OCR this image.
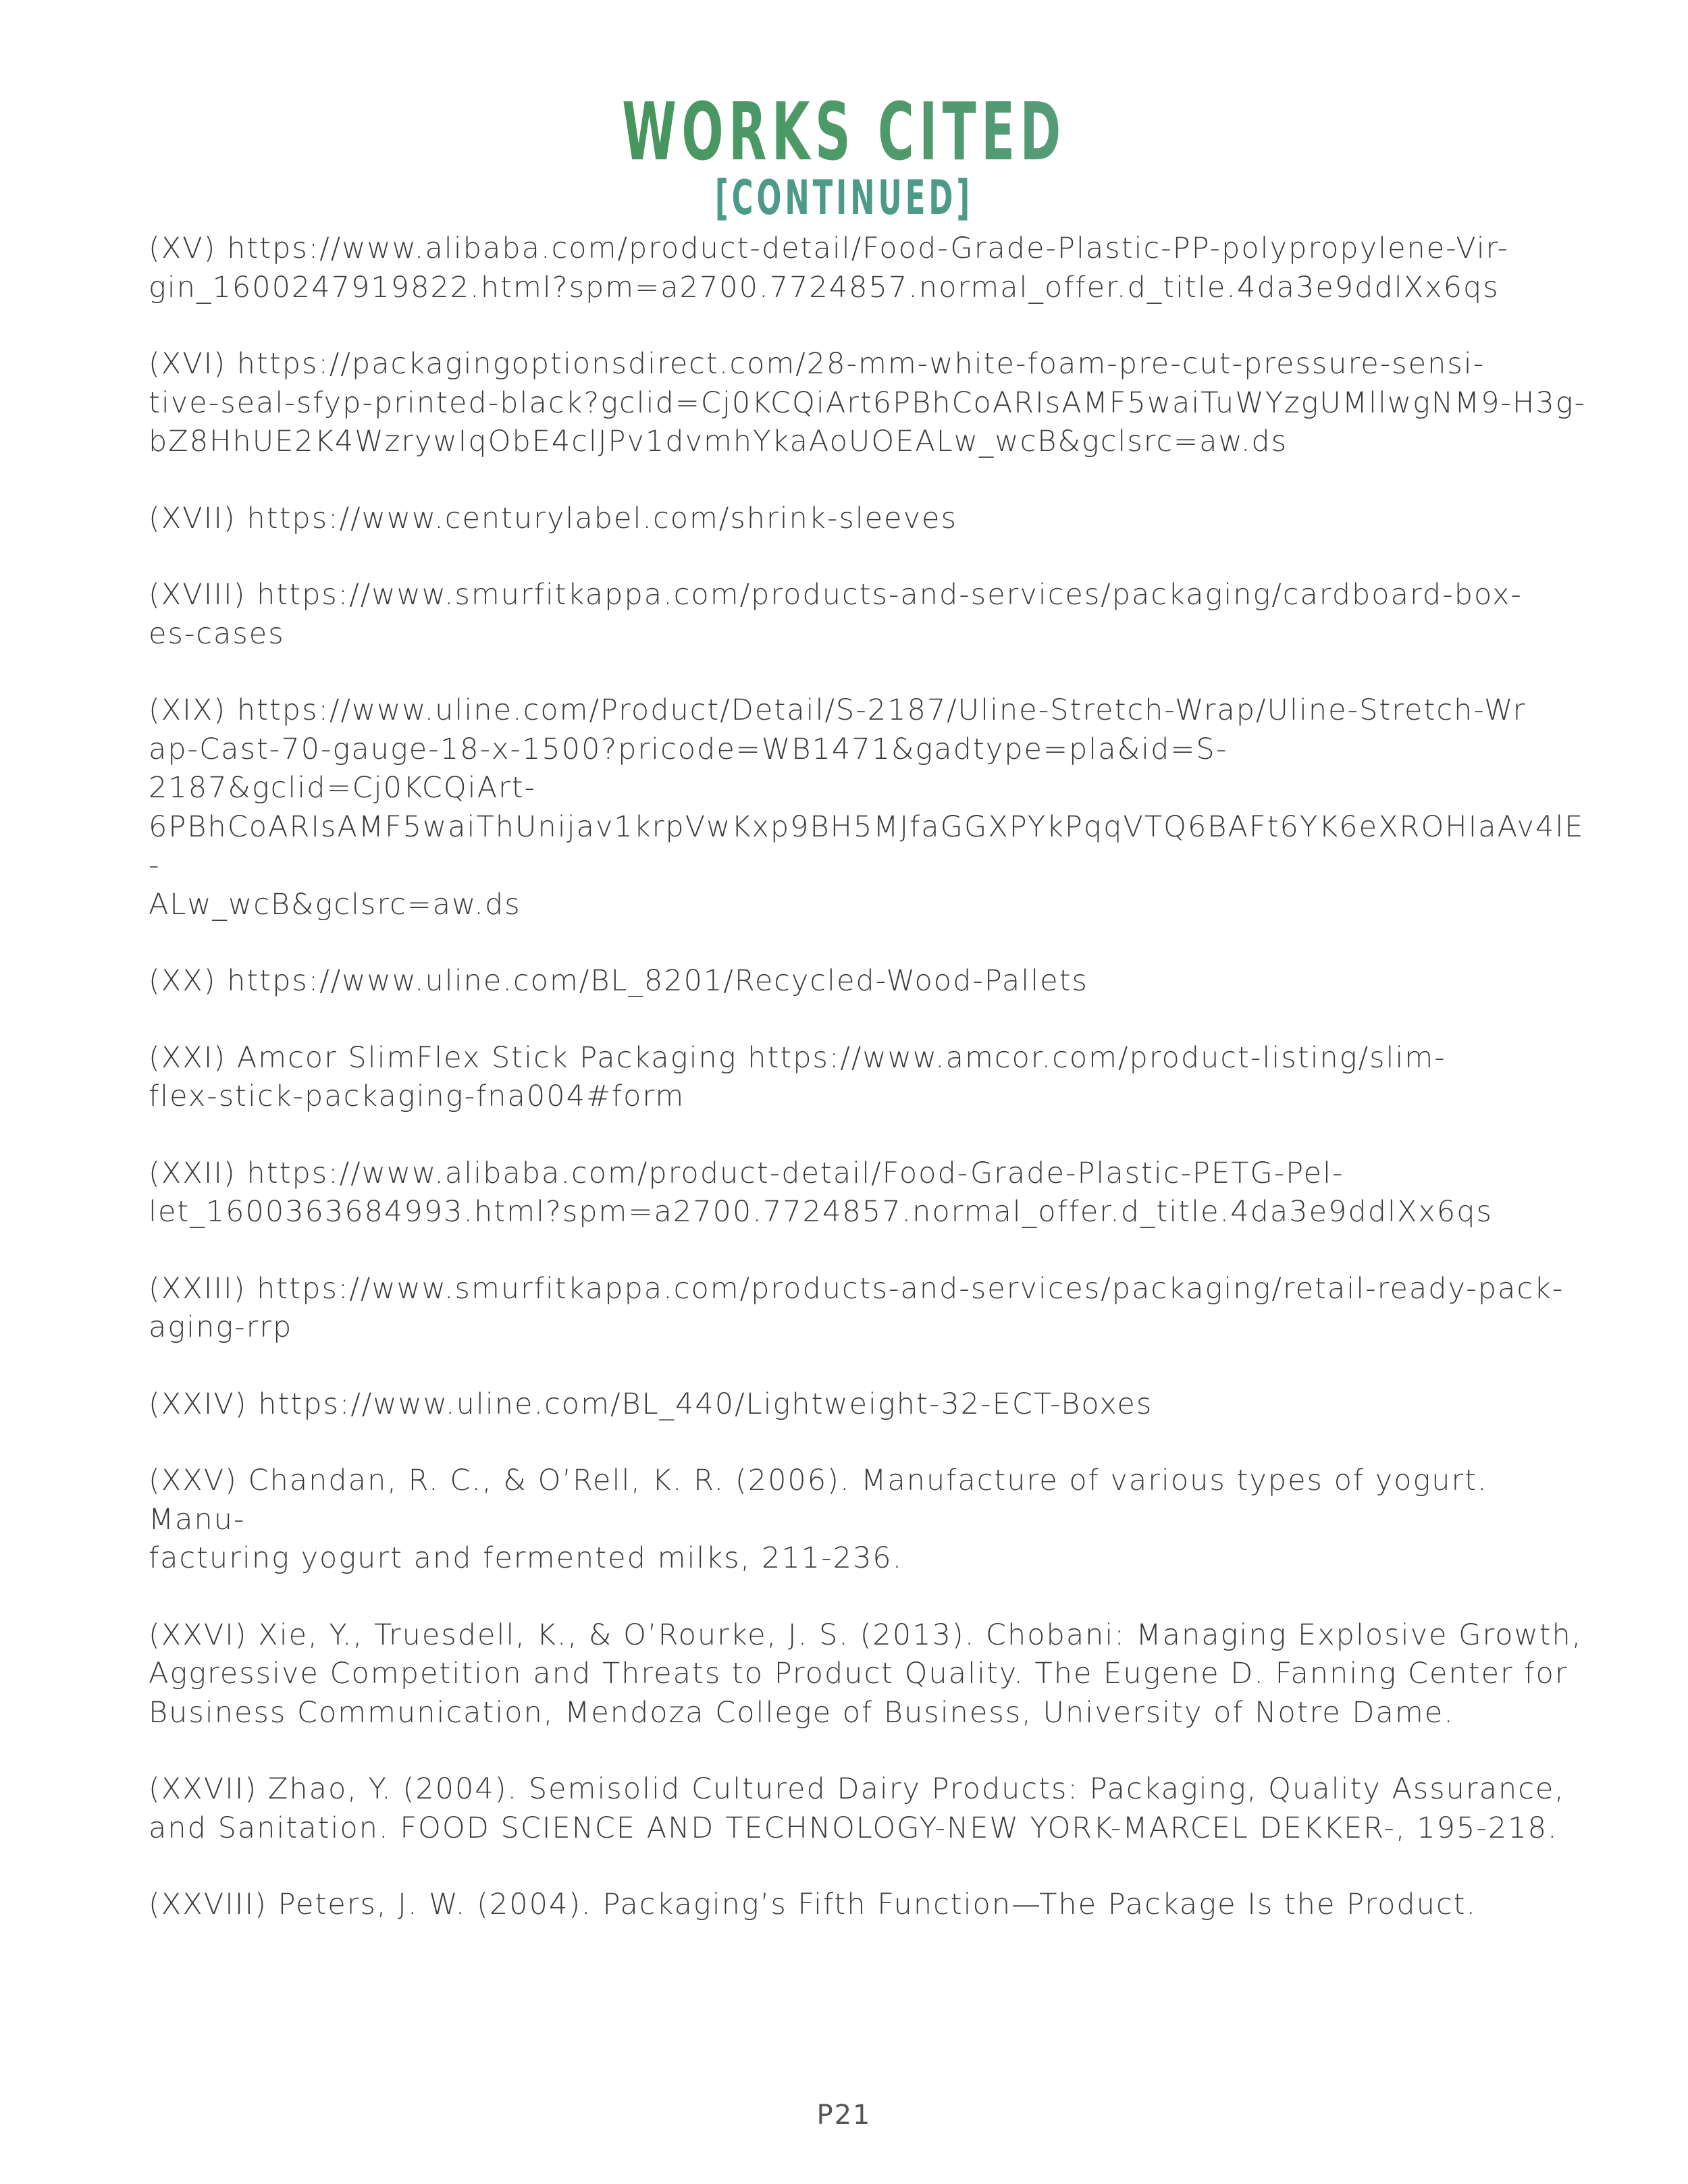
WORKS CITED
[CONTINUED]
(XV) https://www.alibaba.com/product-detail/Food-Grade-Plastic-PP-polypropylene-Vir-
gin_1600247919822.html?spm=a2700.7724857.normal_offer.d_title.4da3e9ddlXx6qs
(XVI) https://packagingoptionsdirect.com/28-mm-white-foam-pre-cut-pressure-sensi-
tive-seal-sfyp-printed-black?gclid=Cj0KCQiArt6PBhCoARIsAMF5waiTuWYzgUMllwgNM9-H3g-
bZ8HhUE2K4WzrywIqObE4clJPv1dvmhYkaAoUOEALw_wcB&gclsrc=aw.ds
(XVII) https://www.centurylabel.com/shrink-sleeves
(XVIII) https://www.smurfitkappa.com/products-and-services/packaging/cardboard-box-
es-cases
(XIX) https://www.uline.com/Product/Detail/S-2187/Uline-Stretch-Wrap/Uline-Stretch-Wr
ap-Cast-70-gauge-18-x-1500?pricode=WB1471&gadtype=pla&id=S-2187&gclid=Cj0KCQiArt-
6PBhCoARIsAMF5waiThUnijav1krpVwKxp9BH5MJfaGGXPYkPqqVTQ6BAFt6YK6eXROHIaAv4lE-
ALw_wcB&gclsrc=aw.ds
(XX) https://www.uline.com/BL_8201/Recycled-Wood-Pallets
(XXI) Amcor SlimFlex Stick Packaging https://www.amcor.com/product-listing/slim-
flex-stick-packaging-fna004#form
(XXII) https://www.alibaba.com/product-detail/Food-Grade-Plastic-PETG-Pel-
let_1600363684993.html?spm=a2700.7724857.normal_offer.d_title.4da3e9ddlXx6qs
(XXIII) https://www.smurfitkappa.com/products-and-services/packaging/retail-ready-pack-
aging-rrp
(XXIV) https://www.uline.com/BL_440/Lightweight-32-ECT-Boxes
(XXV) Chandan, R. C., & O’Rell, K. R. (2006). Manufacture of various types of yogurt. Manu-
facturing yogurt and fermented milks, 211-236.
(XXVI) Xie, Y., Truesdell, K., & O’Rourke, J. S. (2013). Chobani: Managing Explosive Growth,
Aggressive Competition and Threats to Product Quality. The Eugene D. Fanning Center for
Business Communication, Mendoza College of Business, University of Notre Dame.
(XXVII) Zhao, Y. (2004). Semisolid Cultured Dairy Products: Packaging, Quality Assurance,
and Sanitation. FOOD SCIENCE AND TECHNOLOGY-NEW YORK-MARCEL DEKKER-, 195-218.
(XXVIII) Peters, J. W. (2004). Packaging’s Fifth Function—The Package Is the Product.
P21
